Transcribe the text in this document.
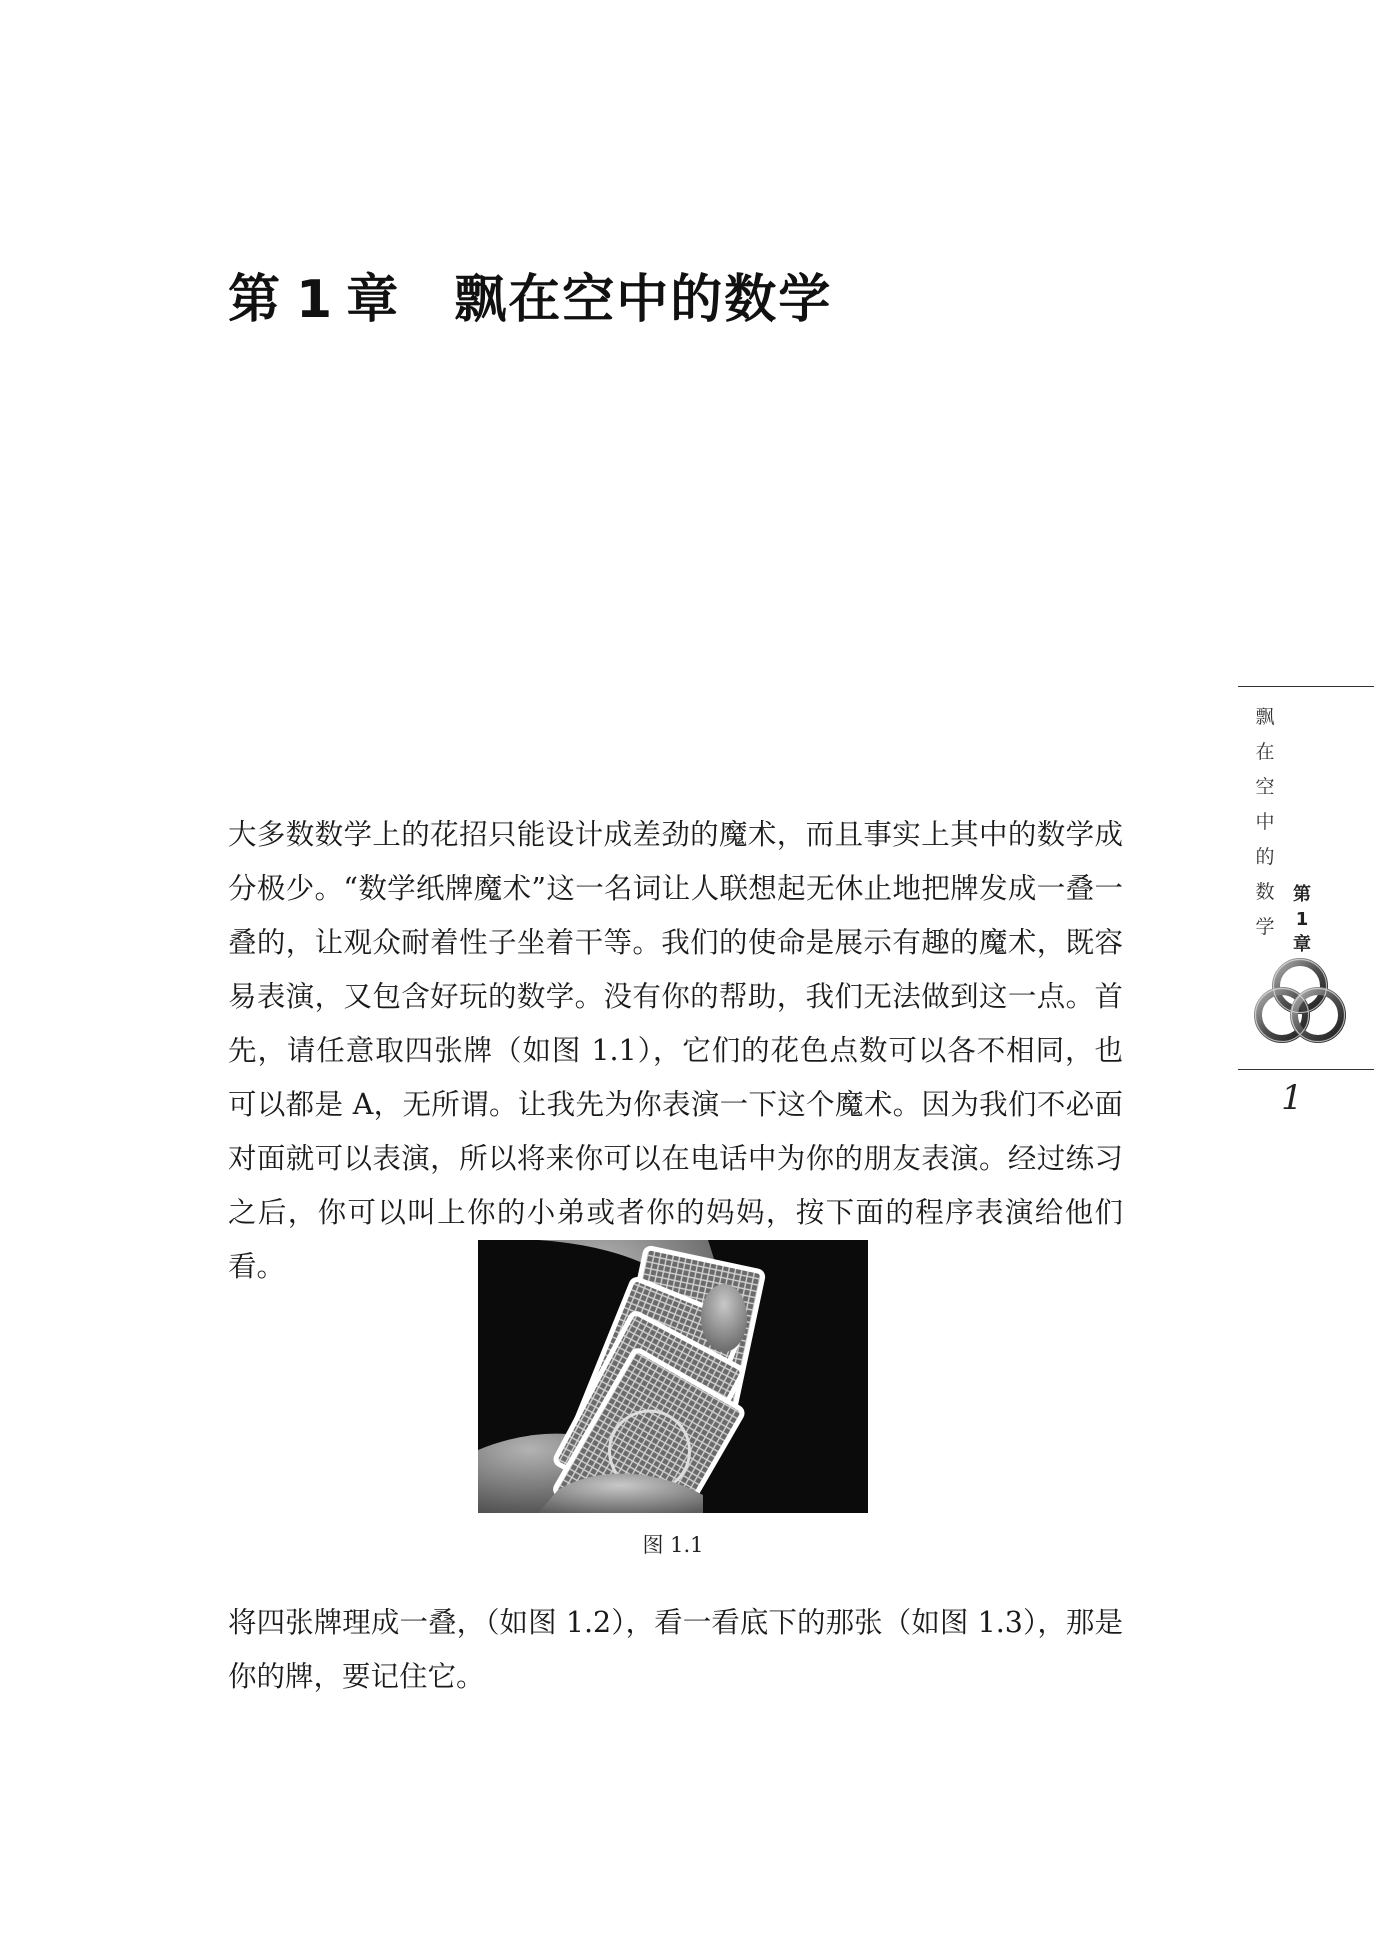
第 1 章 飘在空中的数学

大多数数学上的花招只能设计成差劲的魔术，而且事实上其中的数学成分极少。“数学纸牌魔术”这一名词让人联想起无休止地把牌发成一叠一叠的，让观众耐着性子坐着干等。我们的使命是展示有趣的魔术，既容易表演，又包含好玩的数学。没有你的帮助，我们无法做到这一点。首先，请任意取四张牌（如图 1.1），它们的花色点数可以各不相同，也可以都是 A，无所谓。让我先为你表演一下这个魔术。因为我们不必面对面就可以表演，所以将来你可以在电话中为你的朋友表演。经过练习之后，你可以叫上你的小弟或者你的妈妈，按下面的程序表演给他们看。

图 1.1

将四张牌理成一叠，（如图 1.2），看一看底下的那张（如图 1.3），那是你的牌，要记住它。

飘
在
空
中
的
数
学
第
1
章
1
